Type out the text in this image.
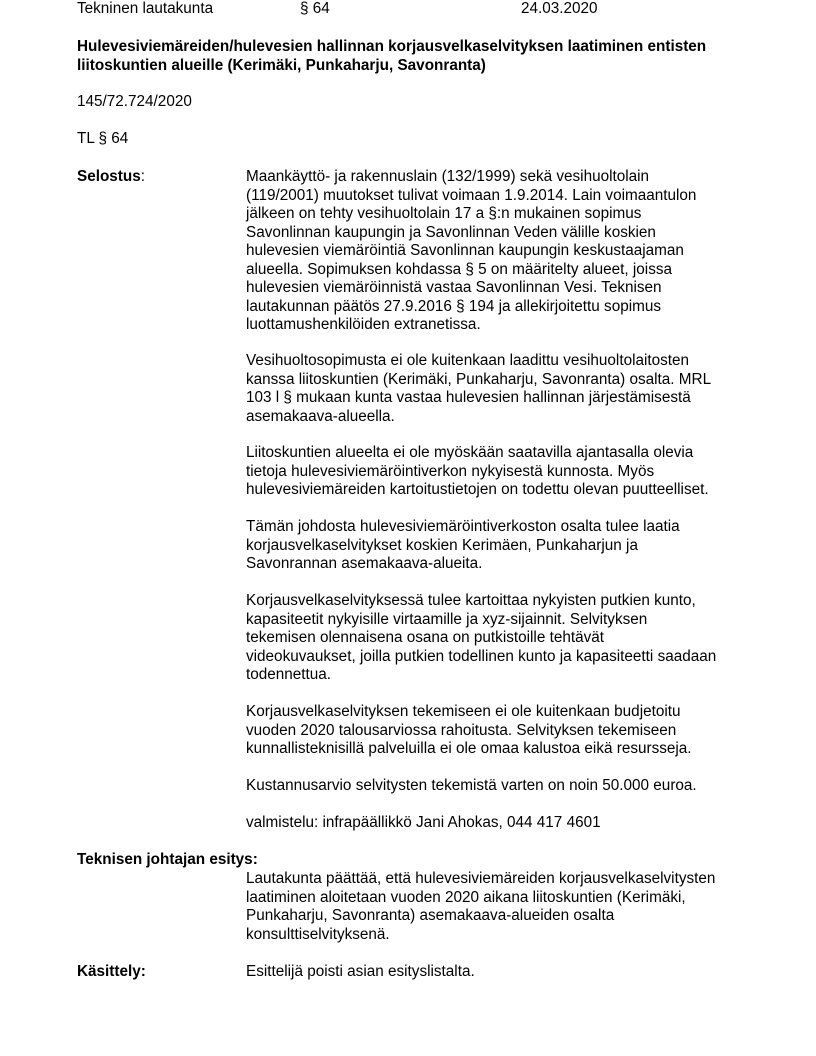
Tekninen lautakunta	§ 64	24.03.2020
Hulevesiviemäreiden/hulevesien hallinnan korjausvelkaselvityksen laatiminen entisten
liitoskuntien alueille (Kerimäki, Punkaharju, Savonranta)
145/72.724/2020
TL § 64
Selostus:	Maankäyttö- ja rakennuslain (132/1999) sekä vesihuoltolain
(119/2001) muutokset tulivat voimaan 1.9.2014. Lain voimaantulon
jälkeen on tehty vesihuoltolain 17 a §:n mukainen sopimus
Savonlinnan kaupungin ja Savonlinnan Veden välille koskien
hulevesien viemäröintiä Savonlinnan kaupungin keskustaajaman
alueella. Sopimuksen kohdassa § 5 on määritelty alueet, joissa
hulevesien viemäröinnistä vastaa Savonlinnan Vesi. Teknisen
lautakunnan päätös 27.9.2016 § 194 ja allekirjoitettu sopimus
luottamushenkilöiden extranetissa.
Vesihuoltosopimusta ei ole kuitenkaan laadittu vesihuoltolaitosten
kanssa liitoskuntien (Kerimäki, Punkaharju, Savonranta) osalta. MRL
103 l § mukaan kunta vastaa hulevesien hallinnan järjestämisestä
asemakaava-alueella.
Liitoskuntien alueelta ei ole myöskään saatavilla ajantasalla olevia
tietoja hulevesiviemäröintiverkon nykyisestä kunnosta. Myös
hulevesiviemäreiden kartoitustietojen on todettu olevan puutteelliset.
Tämän johdosta hulevesiviemäröintiverkoston osalta tulee laatia
korjausvelkaselvitykset koskien Kerimäen, Punkaharjun ja
Savonrannan asemakaava-alueita.
Korjausvelkaselvityksessä tulee kartoittaa nykyisten putkien kunto,
kapasiteetit nykyisille virtaamille ja xyz-sijainnit. Selvityksen
tekemisen olennaisena osana on putkistoille tehtävät
videokuvaukset, joilla putkien todellinen kunto ja kapasiteetti saadaan
todennettua.
Korjausvelkaselvityksen tekemiseen ei ole kuitenkaan budjetoitu
vuoden 2020 talousarviossa rahoitusta. Selvityksen tekemiseen
kunnallisteknisillä palveluilla ei ole omaa kalustoa eikä resursseja.
Kustannusarvio selvitysten tekemistä varten on noin 50.000 euroa.
valmistelu: infrapäällikkö Jani Ahokas, 044 417 4601
Teknisen johtajan esitys:
Lautakunta päättää, että hulevesiviemäreiden korjausvelkaselvitysten
laatiminen aloitetaan vuoden 2020 aikana liitoskuntien (Kerimäki,
Punkaharju, Savonranta) asemakaava-alueiden osalta
konsulttiselvityksenä.
Käsittely:	Esittelijä poisti asian esityslistalta.
